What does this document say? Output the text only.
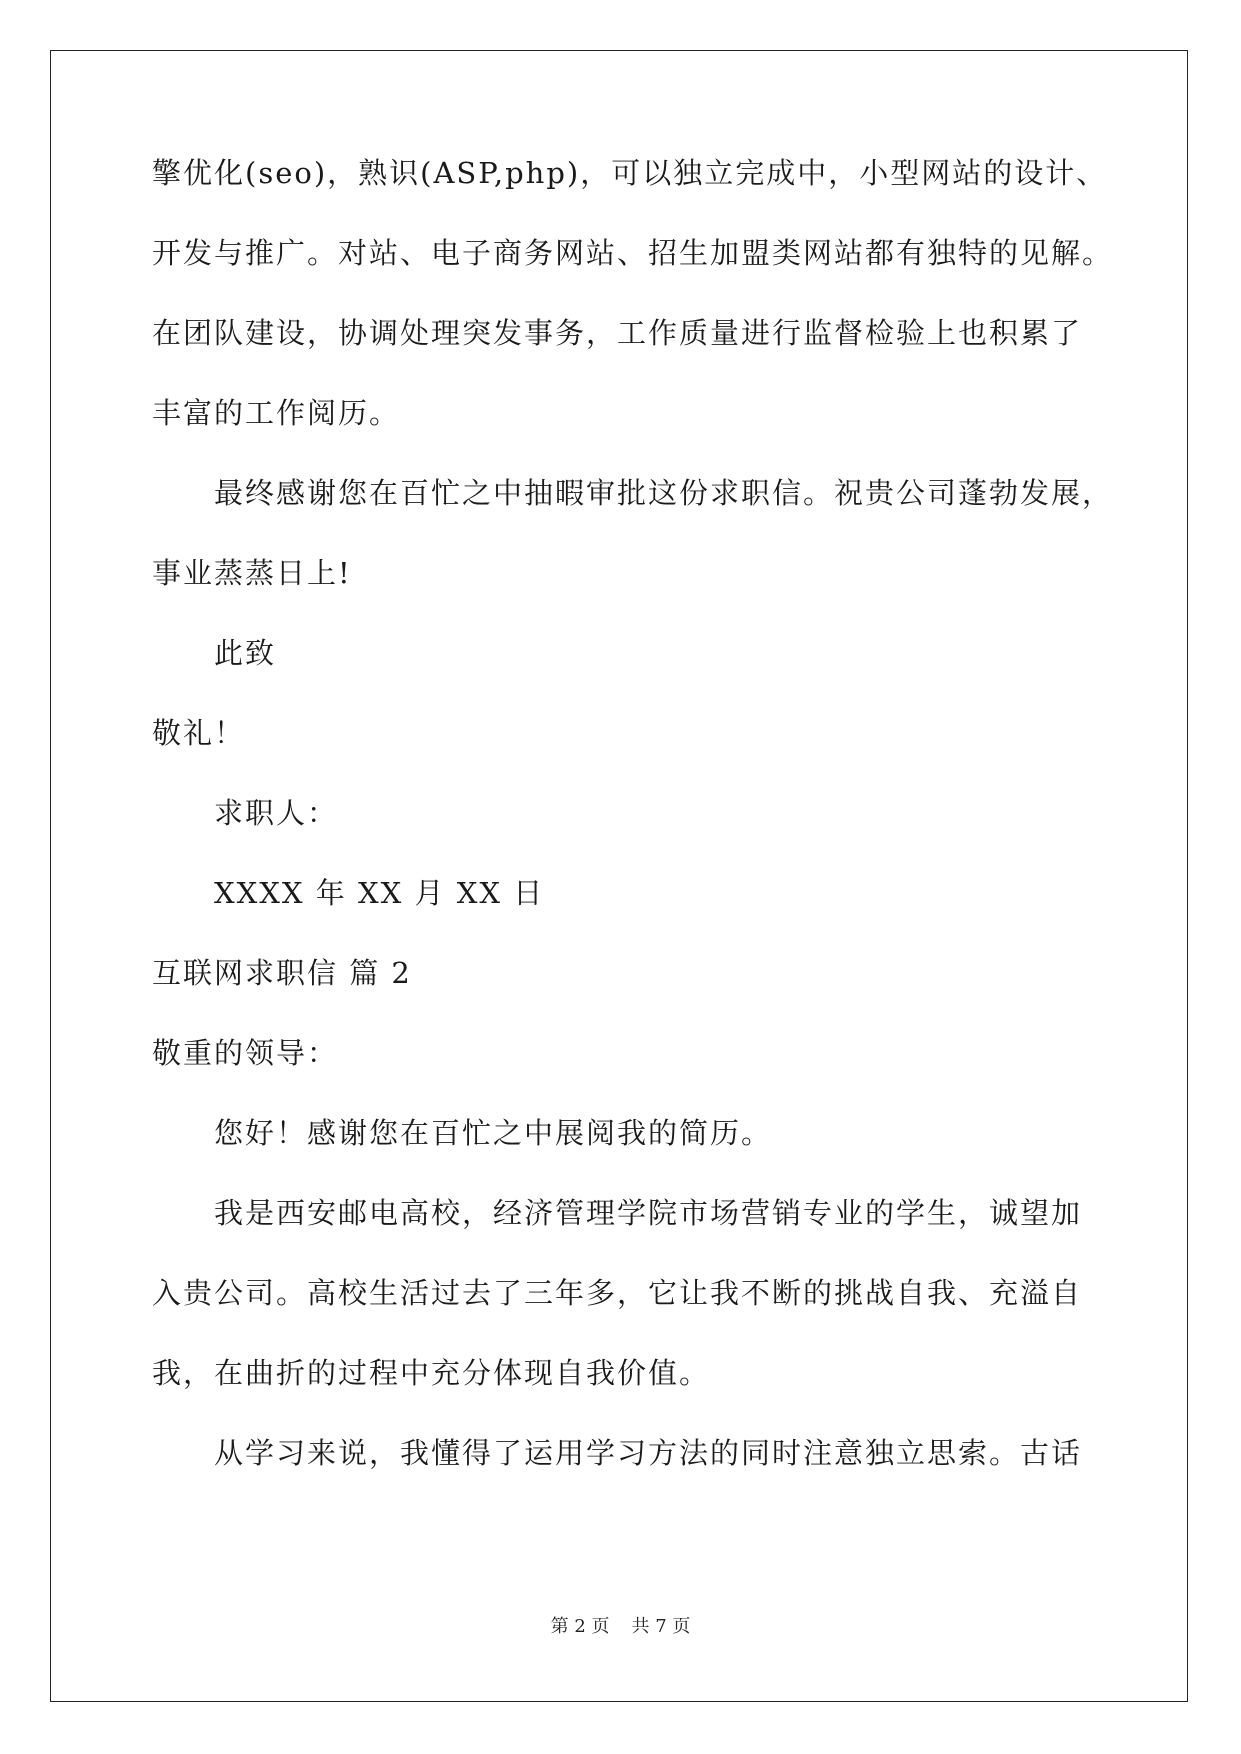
擎优化(seo)，熟识(ASP,php)，可以独立完成中，小型网站的设计、
开发与推广。对站、电子商务网站、招生加盟类网站都有独特的见解。
在团队建设，协调处理突发事务，工作质量进行监督检验上也积累了
丰富的工作阅历。
最终感谢您在百忙之中抽暇审批这份求职信。祝贵公司蓬勃发展，
事业蒸蒸日上!
此致
敬礼！
求职人：
XXXX 年 XX 月 XX 日
互联网求职信 篇 2
敬重的领导：
您好！感谢您在百忙之中展阅我的简历。
我是西安邮电高校，经济管理学院市场营销专业的学生，诚望加
入贵公司。高校生活过去了三年多，它让我不断的挑战自我、充溢自
我，在曲折的过程中充分体现自我价值。
从学习来说，我懂得了运用学习方法的同时注意独立思索。古话
第 2 页 共 7 页
